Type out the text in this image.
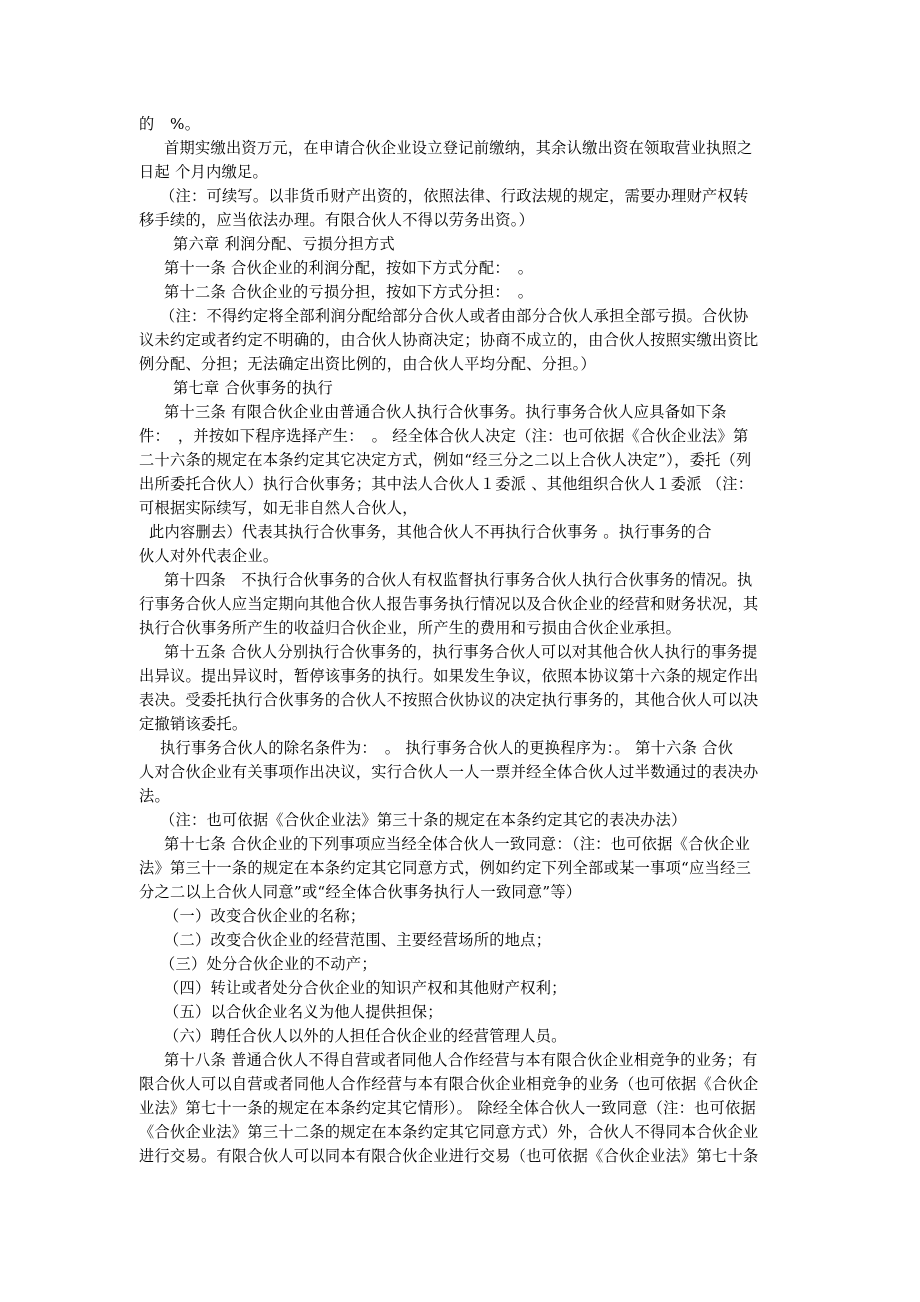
的　%。
首期实缴出资万元，在申请合伙企业设立登记前缴纳，其余认缴出资在领取营业执照之
日起 个月内缴足。
（注：可续写。以非货币财产出资的，依照法律、行政法规的规定，需要办理财产权转
移手续的，应当依法办理。有限合伙人不得以劳务出资。）
第六章 利润分配、亏损分担方式
第十一条 合伙企业的利润分配，按如下方式分配：　。
第十二条 合伙企业的亏损分担，按如下方式分担：　。
（注：不得约定将全部利润分配给部分合伙人或者由部分合伙人承担全部亏损。合伙协
议未约定或者约定不明确的，由合伙人协商决定；协商不成立的，由合伙人按照实缴出资比
例分配、分担；无法确定出资比例的，由合伙人平均分配、分担。）
第七章 合伙事务的执行
第十三条 有限合伙企业由普通合伙人执行合伙事务。执行事务合伙人应具备如下条
件：　，并按如下程序选择产生：　。 经全体合伙人决定（注：也可依据《合伙企业法》第
二十六条的规定在本条约定其它决定方式，例如“经三分之二以上合伙人决定”），委托（列
出所委托合伙人）执行合伙事务；其中法人合伙人１委派 、其他组织合伙人１委派 （注：
可根据实际续写，如无非自然人合伙人，
此内容删去）代表其执行合伙事务，其他合伙人不再执行合伙事务 。执行事务的合
伙人对外代表企业。
第十四条　不执行合伙事务的合伙人有权监督执行事务合伙人执行合伙事务的情况。执
行事务合伙人应当定期向其他合伙人报告事务执行情况以及合伙企业的经营和财务状况，其
执行合伙事务所产生的收益归合伙企业，所产生的费用和亏损由合伙企业承担。
第十五条 合伙人分别执行合伙事务的，执行事务合伙人可以对其他合伙人执行的事务提
出异议。提出异议时，暂停该事务的执行。如果发生争议，依照本协议第十六条的规定作出
表决。受委托执行合伙事务的合伙人不按照合伙协议的决定执行事务的，其他合伙人可以决
定撤销该委托。
执行事务合伙人的除名条件为：　。 执行事务合伙人的更换程序为：。 第十六条 合伙
人对合伙企业有关事项作出决议，实行合伙人一人一票并经全体合伙人过半数通过的表决办
法。
（注：也可依据《合伙企业法》第三十条的规定在本条约定其它的表决办法）
第十七条 合伙企业的下列事项应当经全体合伙人一致同意：（注：也可依据《合伙企业
法》第三十一条的规定在本条约定其它同意方式，例如约定下列全部或某一事项“应当经三
分之二以上合伙人同意”或“经全体合伙事务执行人一致同意”等）
（一）改变合伙企业的名称；
（二）改变合伙企业的经营范围、主要经营场所的地点；
（三）处分合伙企业的不动产；
（四）转让或者处分合伙企业的知识产权和其他财产权利；
（五）以合伙企业名义为他人提供担保；
（六）聘任合伙人以外的人担任合伙企业的经营管理人员。
第十八条 普通合伙人不得自营或者同他人合作经营与本有限合伙企业相竞争的业务；有
限合伙人可以自营或者同他人合作经营与本有限合伙企业相竞争的业务（也可依据《合伙企
业法》第七十一条的规定在本条约定其它情形）。 除经全体合伙人一致同意（注：也可依据
《合伙企业法》第三十二条的规定在本条约定其它同意方式）外，合伙人不得同本合伙企业
进行交易。有限合伙人可以同本有限合伙企业进行交易（也可依据《合伙企业法》第七十条
